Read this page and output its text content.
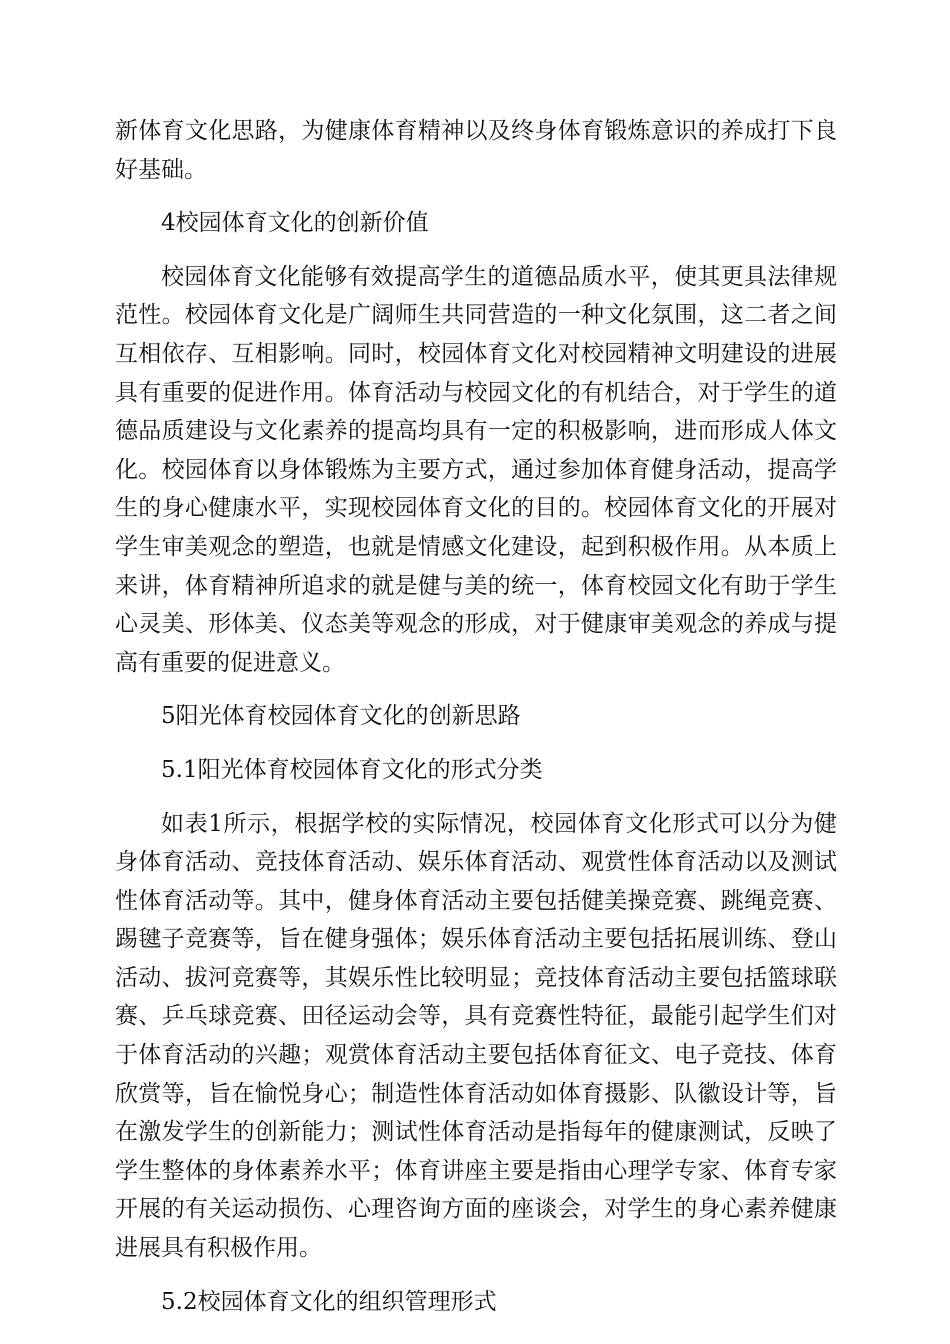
新体育文化思路，为健康体育精神以及终身体育锻炼意识的养成打下良好基础。

4校园体育文化的创新价值

校园体育文化能够有效提高学生的道德品质水平，使其更具法律规范性。校园体育文化是广阔师生共同营造的一种文化氛围，这二者之间互相依存、互相影响。同时，校园体育文化对校园精神文明建设的进展具有重要的促进作用。体育活动与校园文化的有机结合，对于学生的道德品质建设与文化素养的提高均具有一定的积极影响，进而形成人体文化。校园体育以身体锻炼为主要方式，通过参加体育健身活动，提高学生的身心健康水平，实现校园体育文化的目的。校园体育文化的开展对学生审美观念的塑造，也就是情感文化建设，起到积极作用。从本质上来讲，体育精神所追求的就是健与美的统一，体育校园文化有助于学生心灵美、形体美、仪态美等观念的形成，对于健康审美观念的养成与提高有重要的促进意义。

5阳光体育校园体育文化的创新思路

5.1阳光体育校园体育文化的形式分类

如表1所示，根据学校的实际情况，校园体育文化形式可以分为健身体育活动、竞技体育活动、娱乐体育活动、观赏性体育活动以及测试性体育活动等。其中，健身体育活动主要包括健美操竞赛、跳绳竞赛、踢毽子竞赛等，旨在健身强体；娱乐体育活动主要包括拓展训练、登山活动、拔河竞赛等，其娱乐性比较明显；竞技体育活动主要包括篮球联赛、乒乓球竞赛、田径运动会等，具有竞赛性特征，最能引起学生们对于体育活动的兴趣；观赏体育活动主要包括体育征文、电子竞技、体育欣赏等，旨在愉悦身心；制造性体育活动如体育摄影、队徽设计等，旨在激发学生的创新能力；测试性体育活动是指每年的健康测试，反映了学生整体的身体素养水平；体育讲座主要是指由心理学专家、体育专家开展的有关运动损伤、心理咨询方面的座谈会，对学生的身心素养健康进展具有积极作用。

5.2校园体育文化的组织管理形式
